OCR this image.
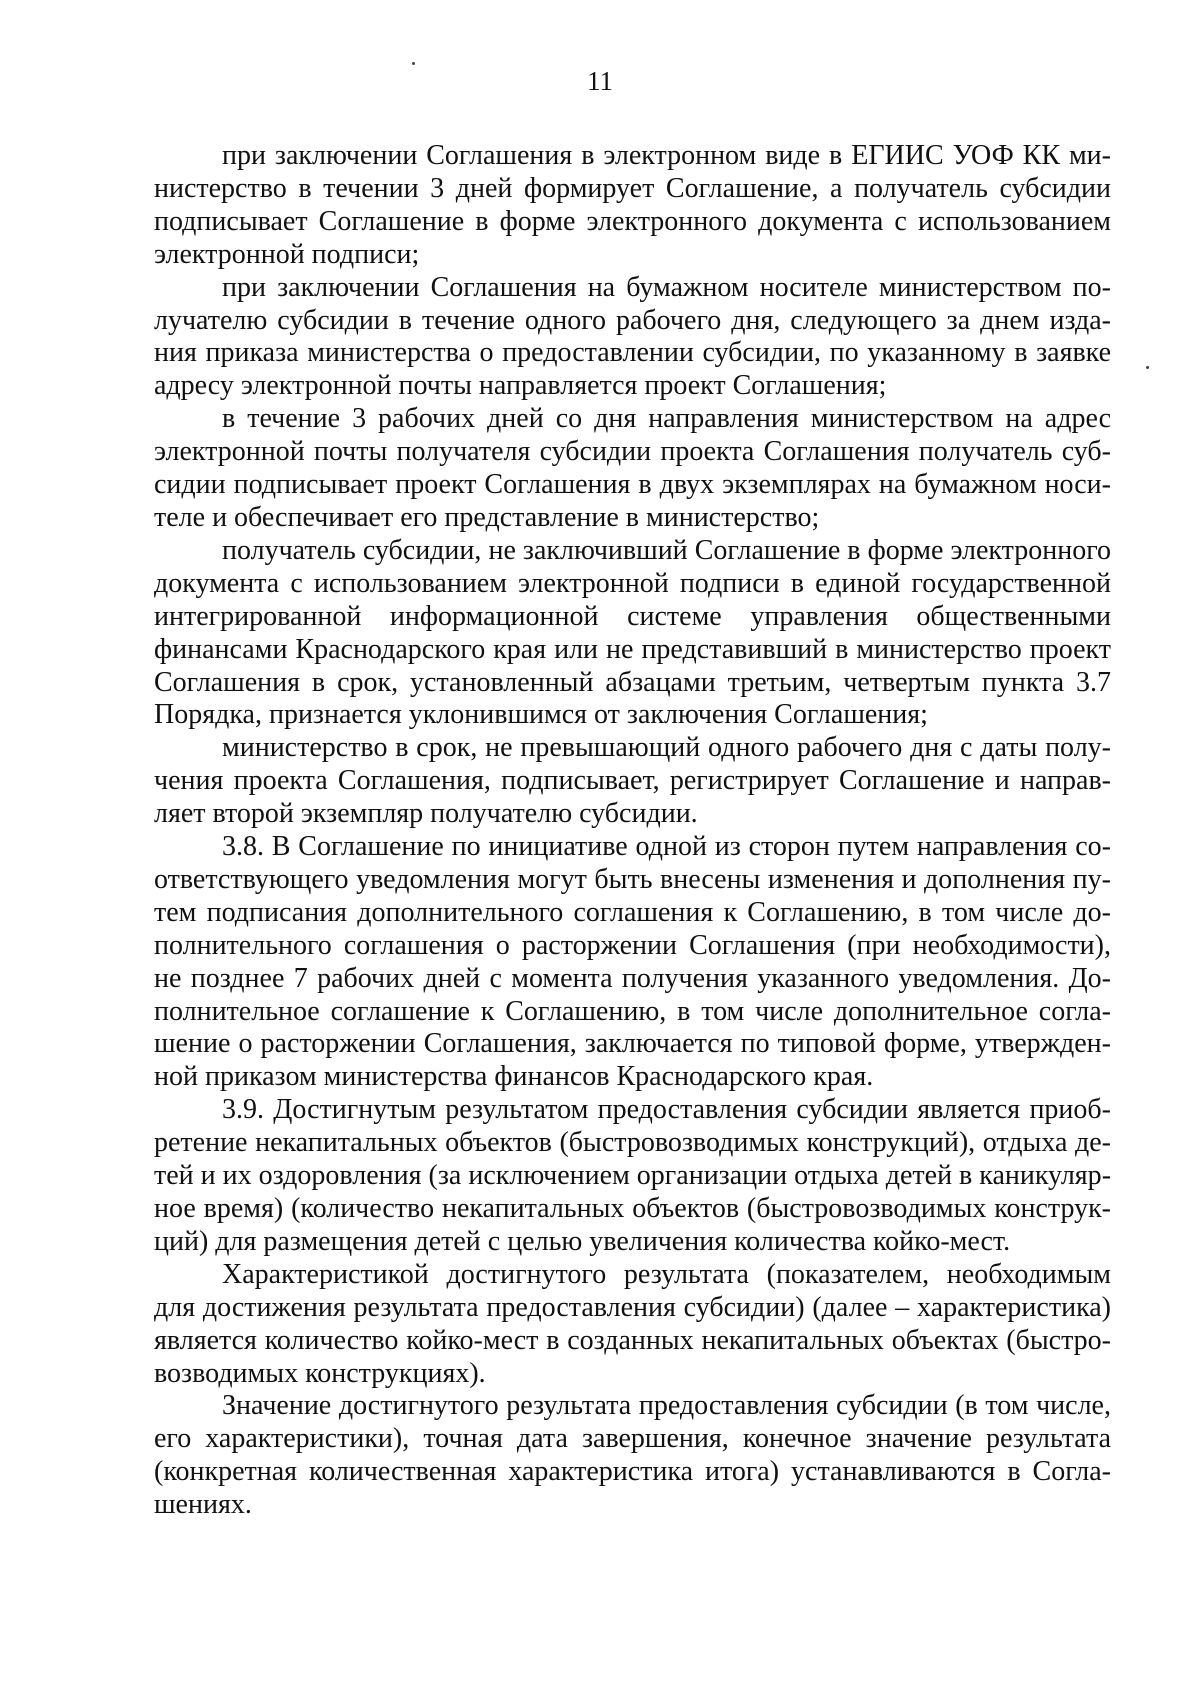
11

при заключении Соглашения в электронном виде в ЕГИИС УОФ КК министерство в течении 3 дней формирует Соглашение, а получатель субсидии подписывает Соглашение в форме электронного документа с использованием электронной подписи;

при заключении Соглашения на бумажном носителе министерством получателю субсидии в течение одного рабочего дня, следующего за днем издания приказа министерства о предоставлении субсидии, по указанному в заявке адресу электронной почты направляется проект Соглашения;

в течение 3 рабочих дней со дня направления министерством на адрес электронной почты получателя субсидии проекта Соглашения получатель субсидии подписывает проект Соглашения в двух экземплярах на бумажном носителе и обеспечивает его представление в министерство;

получатель субсидии, не заключивший Соглашение в форме электронного документа с использованием электронной подписи в единой государственной интегрированной информационной системе управления общественными финансами Краснодарского края или не представивший в министерство проект Соглашения в срок, установленный абзацами третьим, четвертым пункта 3.7 Порядка, признается уклонившимся от заключения Соглашения;

министерство в срок, не превышающий одного рабочего дня с даты получения проекта Соглашения, подписывает, регистрирует Соглашение и направляет второй экземпляр получателю субсидии.

3.8. В Соглашение по инициативе одной из сторон путем направления соответствующего уведомления могут быть внесены изменения и дополнения путем подписания дополнительного соглашения к Соглашению, в том числе дополнительного соглашения о расторжении Соглашения (при необходимости), не позднее 7 рабочих дней с момента получения указанного уведомления. Дополнительное соглашение к Соглашению, в том числе дополнительное соглашение о расторжении Соглашения, заключается по типовой форме, утвержденной приказом министерства финансов Краснодарского края.

3.9. Достигнутым результатом предоставления субсидии является приобретение некапитальных объектов (быстровозводимых конструкций), отдыха детей и их оздоровления (за исключением организации отдыха детей в каникулярное время) (количество некапитальных объектов (быстровозводимых конструкций) для размещения детей с целью увеличения количества койко-мест.

Характеристикой достигнутого результата (показателем, необходимым для достижения результата предоставления субсидии) (далее – характеристика) является количество койко-мест в созданных некапитальных объектах (быстровозводимых конструкциях).

Значение достигнутого результата предоставления субсидии (в том числе, его характеристики), точная дата завершения, конечное значение результата (конкретная количественная характеристика итога) устанавливаются в Соглашениях.
